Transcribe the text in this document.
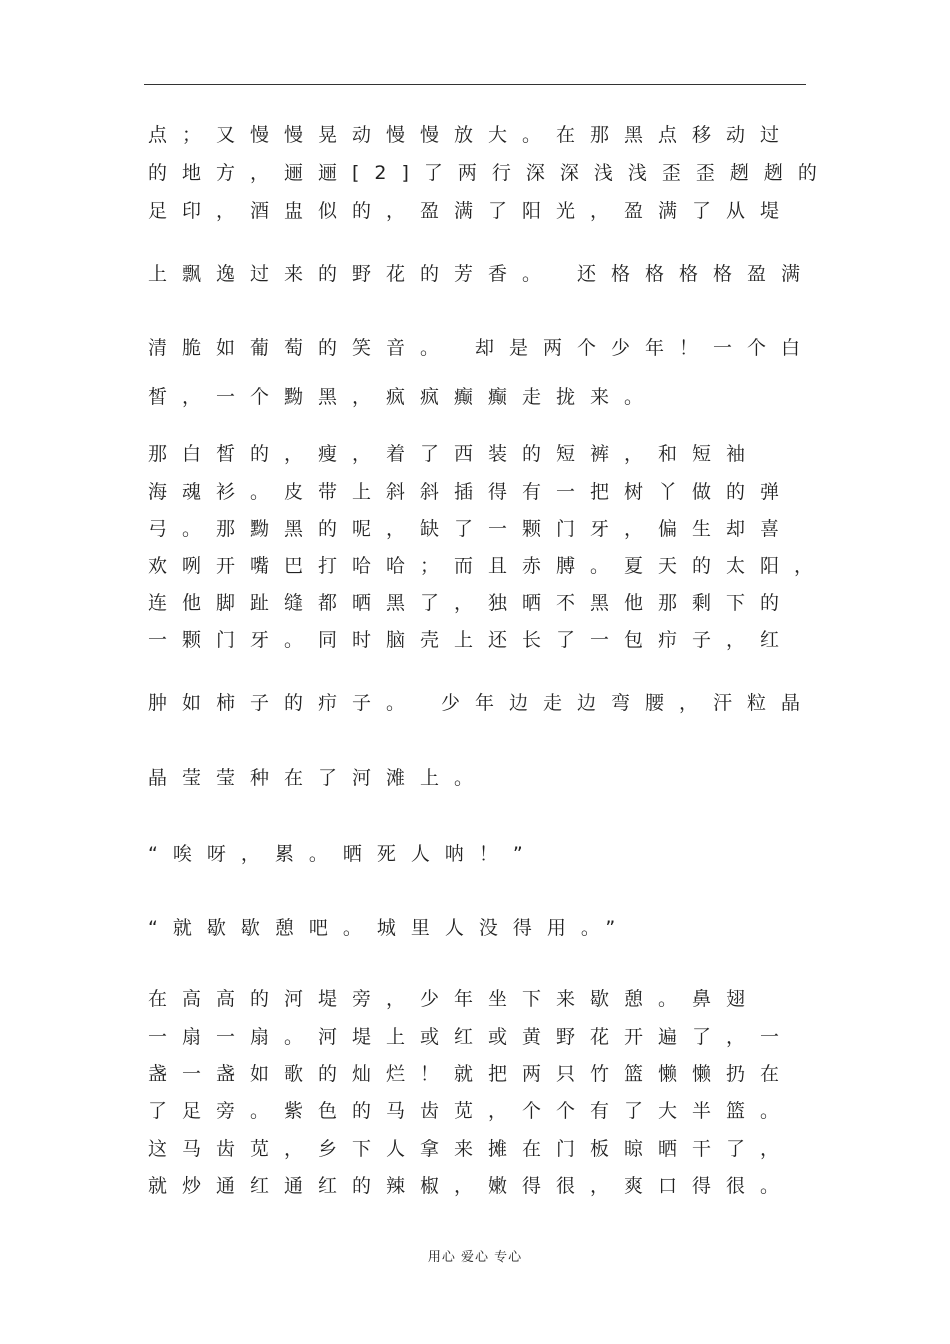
点；又慢慢晃动慢慢放大。在那黑点移动过
的地方，逦逦[2]了两行深深浅浅歪歪趔趔的
足印，酒盅似的，盈满了阳光，盈满了从堤
上飘逸过来的野花的芳香。 还格格格格盈满
清脆如葡萄的笑音。 却是两个少年！一个白
皙，一个黝黑，疯疯癫癫走拢来。
那白皙的，瘦，着了西装的短裤，和短袖
海魂衫。皮带上斜斜插得有一把树丫做的弹
弓。那黝黑的呢，缺了一颗门牙，偏生却喜
欢咧开嘴巴打哈哈；而且赤膊。夏天的太阳，
连他脚趾缝都晒黑了，独晒不黑他那剩下的
一颗门牙。同时脑壳上还长了一包疖子，红
肿如柿子的疖子。 少年边走边弯腰，汗粒晶
晶莹莹种在了河滩上。
“唉呀，累。晒死人呐！”
“就歇歇憩吧。城里人没得用。”
在高高的河堤旁，少年坐下来歇憩。鼻翅
一扇一扇。河堤上或红或黄野花开遍了，一
盏一盏如歌的灿烂！就把两只竹篮懒懒扔在
了足旁。紫色的马齿苋，个个有了大半篮。
这马齿苋，乡下人拿来摊在门板晾晒干了，
就炒通红通红的辣椒，嫩得很，爽口得很。
用心 爱心 专心
